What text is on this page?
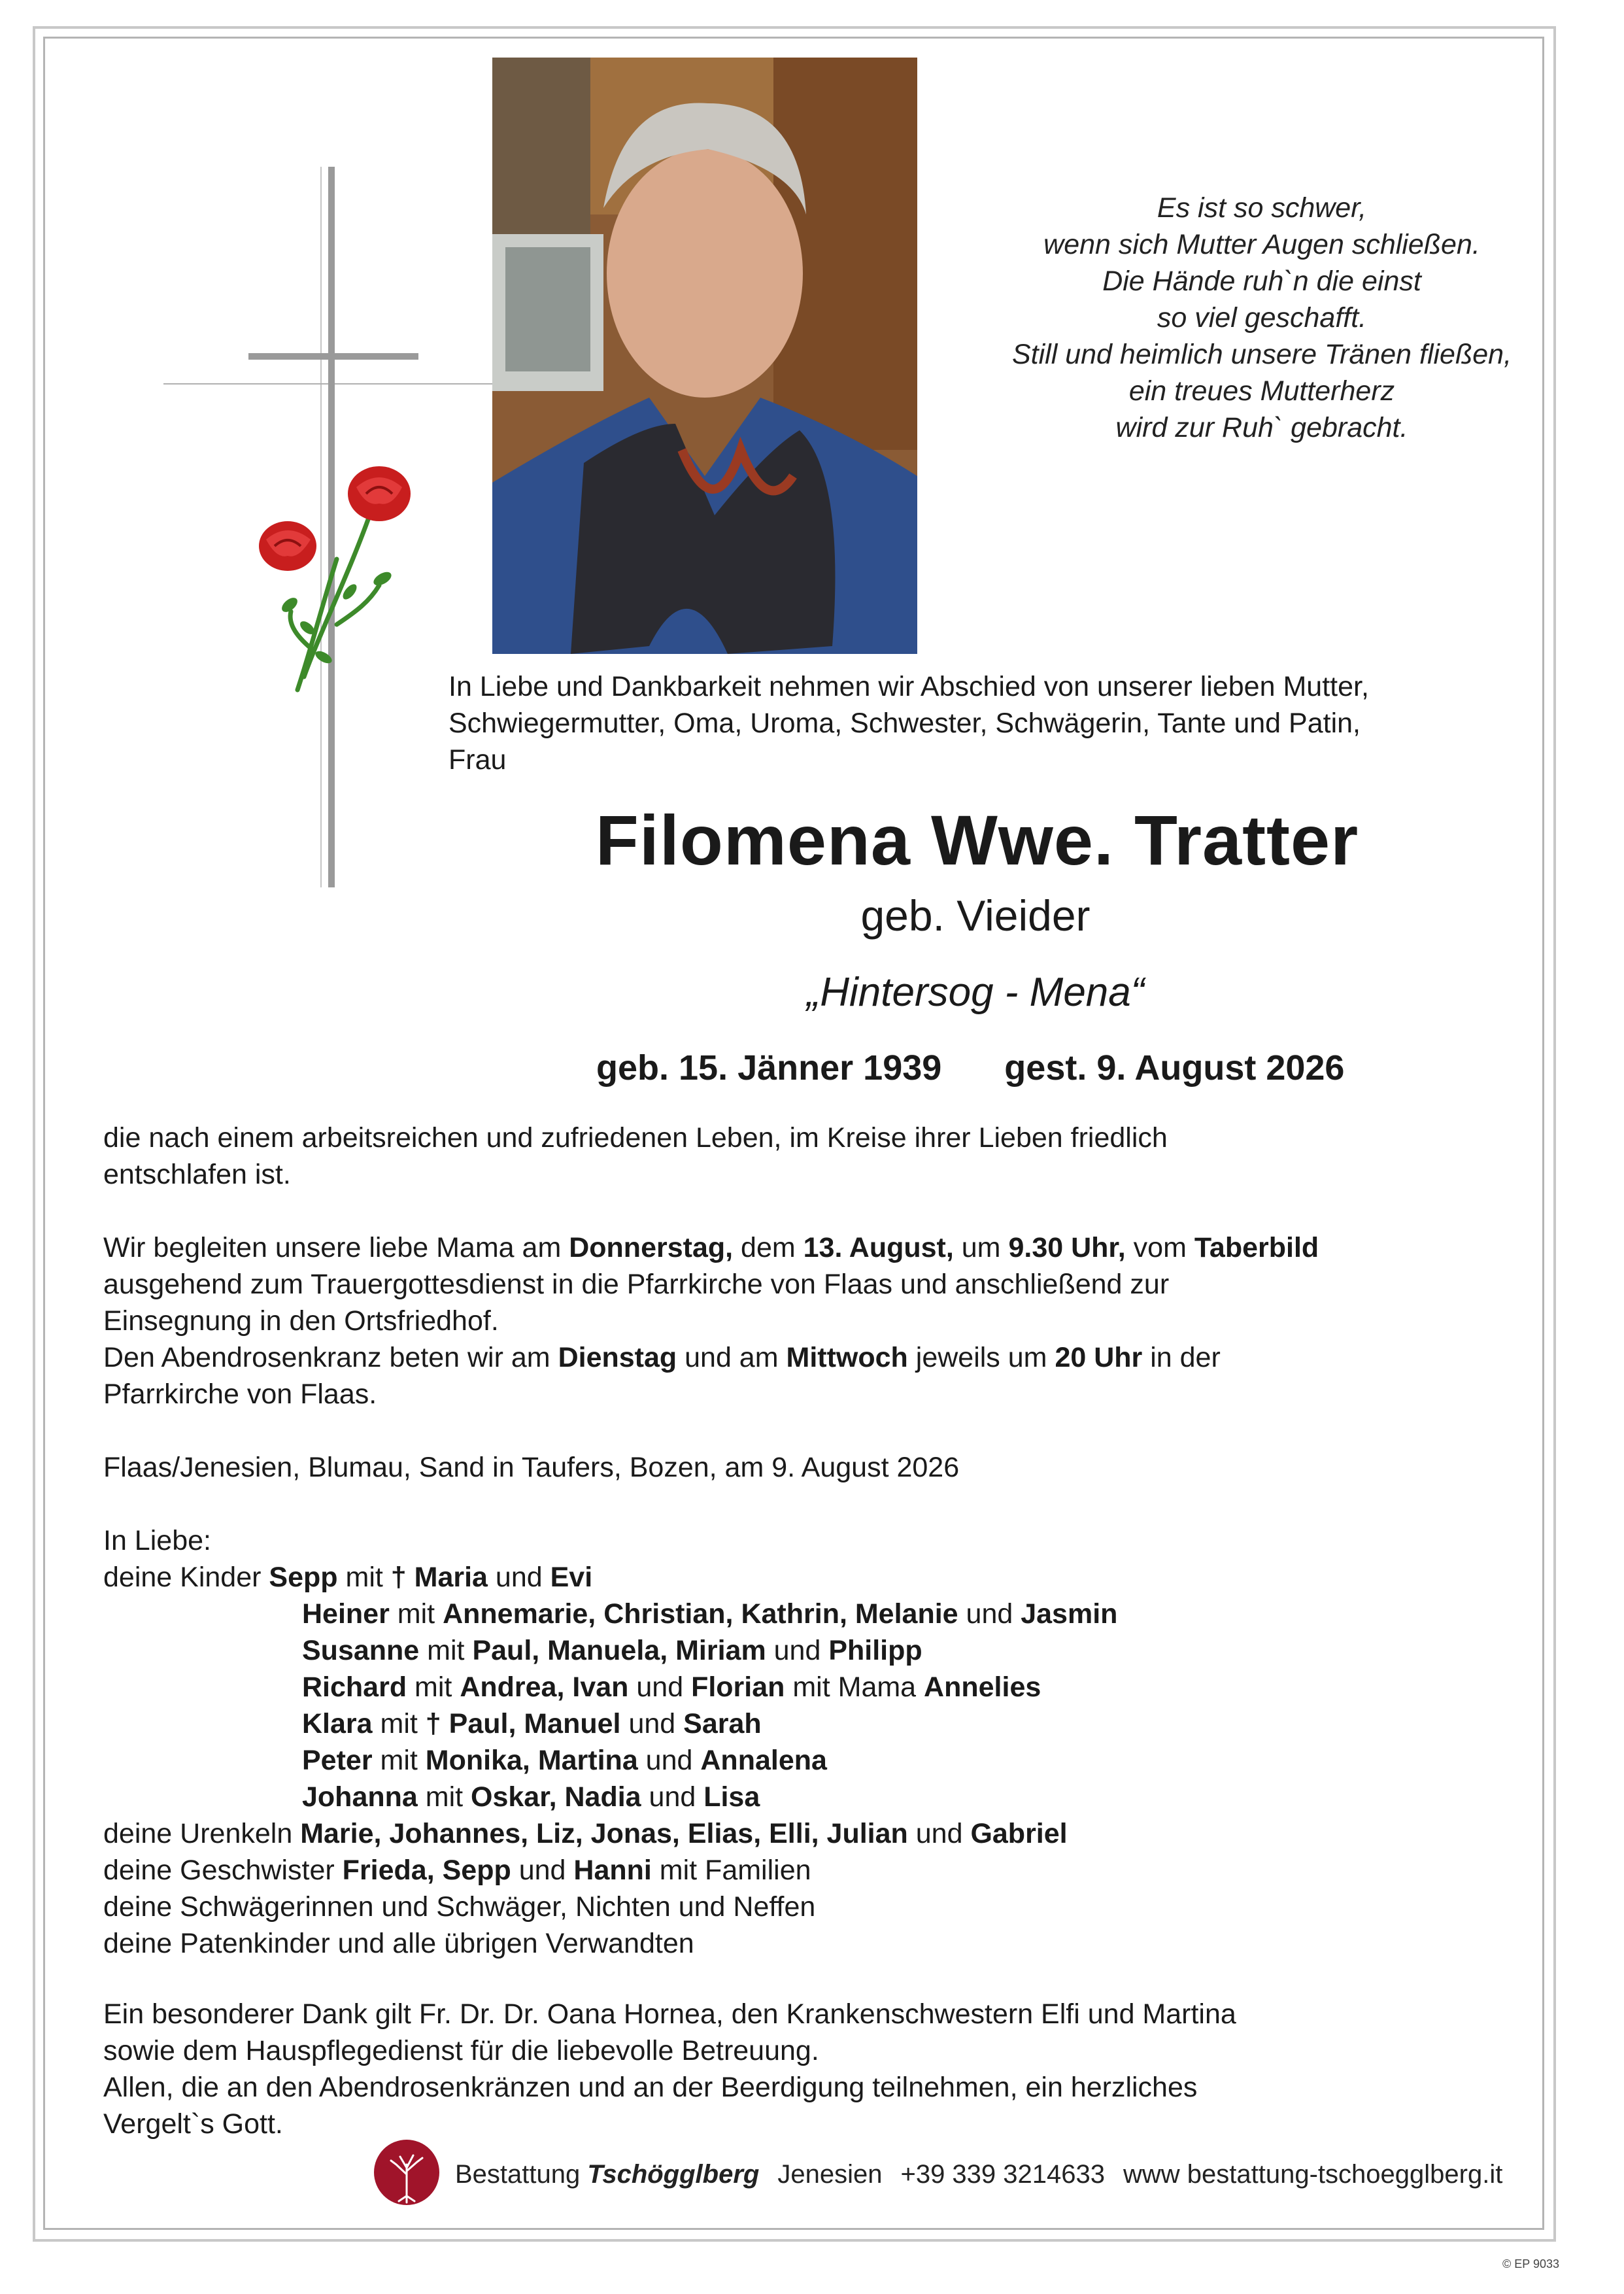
Es ist so schwer,
wenn sich Mutter Augen schließen.
Die Hände ruh`n die einst
so viel geschafft.
Still und heimlich unsere Tränen fließen,
ein treues Mutterherz
wird zur Ruh` gebracht.
In Liebe und Dankbarkeit nehmen wir Abschied von unserer lieben Mutter,
Schwiegermutter, Oma, Uroma, Schwester, Schwägerin, Tante und Patin,
Frau
Filomena Wwe. Tratter
geb. Vieider
„Hintersog - Mena“
geb. 15. Jänner 1939 gest. 9. August 2026
die nach einem arbeitsreichen und zufriedenen Leben, im Kreise ihrer Lieben friedlich
entschlafen ist.
Wir begleiten unsere liebe Mama am Donnerstag, dem 13. August, um 9.30 Uhr, vom Taberbild
ausgehend zum Trauergottesdienst in die Pfarrkirche von Flaas und anschließend zur
Einsegnung in den Ortsfriedhof.
Den Abendrosenkranz beten wir am Dienstag und am Mittwoch jeweils um 20 Uhr in der
Pfarrkirche von Flaas.
Flaas/Jenesien, Blumau, Sand in Taufers, Bozen, am 9. August 2026
In Liebe:
deine Kinder Sepp mit † Maria und Evi
Heiner mit Annemarie, Christian, Kathrin, Melanie und Jasmin
Susanne mit Paul, Manuela, Miriam und Philipp
Richard mit Andrea, Ivan und Florian mit Mama Annelies
Klara mit † Paul, Manuel und Sarah
Peter mit Monika, Martina und Annalena
Johanna mit Oskar, Nadia und Lisa
deine Urenkeln Marie, Johannes, Liz, Jonas, Elias, Elli, Julian und Gabriel
deine Geschwister Frieda, Sepp und Hanni mit Familien
deine Schwägerinnen und Schwäger, Nichten und Neffen
deine Patenkinder und alle übrigen Verwandten
Ein besonderer Dank gilt Fr. Dr. Dr. Oana Hornea, den Krankenschwestern Elfi und Martina
sowie dem Hauspflegedienst für die liebevolle Betreuung.
Allen, die an den Abendrosenkränzen und an der Beerdigung teilnehmen, ein herzliches
Vergelt`s Gott.
Bestattung Tschögglberg Jenesien +39 339 3214633 www bestattung-tschoegglberg.it
© EP 9033
